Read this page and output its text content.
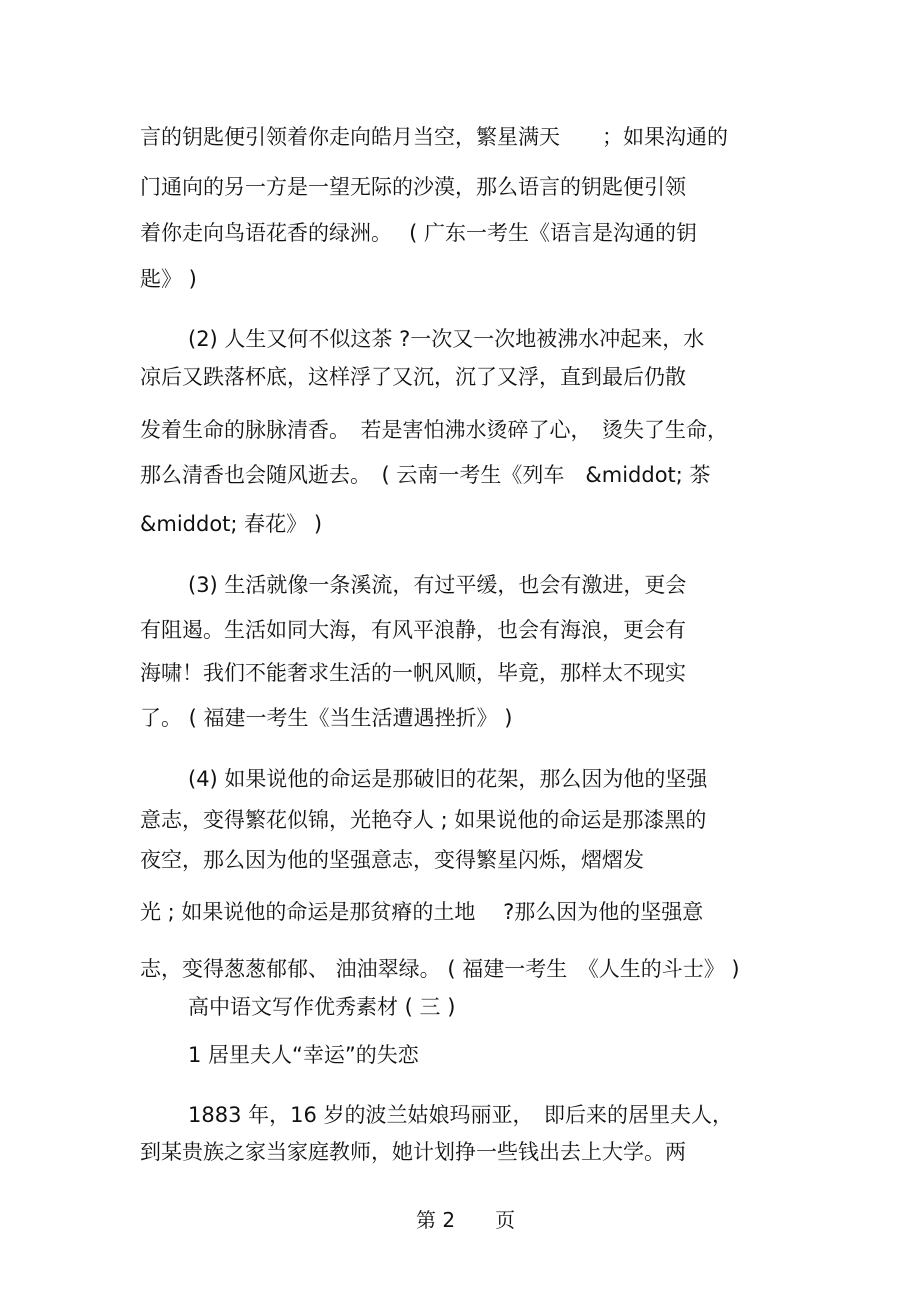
言的钥匙便引领着你走向皓月当空，繁星满天　　；如果沟通的
门通向的另一方是一望无际的沙漠，那么语言的钥匙便引领
着你走向鸟语花香的绿洲。　 ( 广东一考生《语言是沟通的钥
匙》 )
(2) 人生又何不似这茶 ?一次又一次地被沸水冲起来，水
凉后又跌落杯底，这样浮了又沉，沉了又浮，直到最后仍散
发着生命的脉脉清香。　若是害怕沸水烫碎了心，　烫失了生命，
那么清香也会随风逝去。　( 云南一考生《列车　&middot; 茶
&middot; 春花》 )
(3) 生活就像一条溪流，有过平缓，也会有激进，更会
有阻遏。生活如同大海，有风平浪静，也会有海浪，更会有
海啸！我们不能奢求生活的一帆风顺，毕竟，那样太不现实
了。 ( 福建一考生《当生活遭遇挫折》 )
(4) 如果说他的命运是那破旧的花架，那么因为他的坚强
意志，变得繁花似锦，光艳夺人 ; 如果说他的命运是那漆黑的
夜空，那么因为他的坚强意志，变得繁星闪烁，熠熠发
光 ; 如果说他的命运是那贫瘠的土地　 ?那么因为他的坚强意
志，变得葱葱郁郁、 油油翠绿。 ( 福建一考生　《人生的斗士》 )
高中语文写作优秀素材 ( 三 )
1 居里夫人“幸运”的失恋
1883 年，16 岁的波兰姑娘玛丽亚，　即后来的居里夫人，
到某贵族之家当家庭教师，她计划挣一些钱出去上大学。两
第 2　　页
